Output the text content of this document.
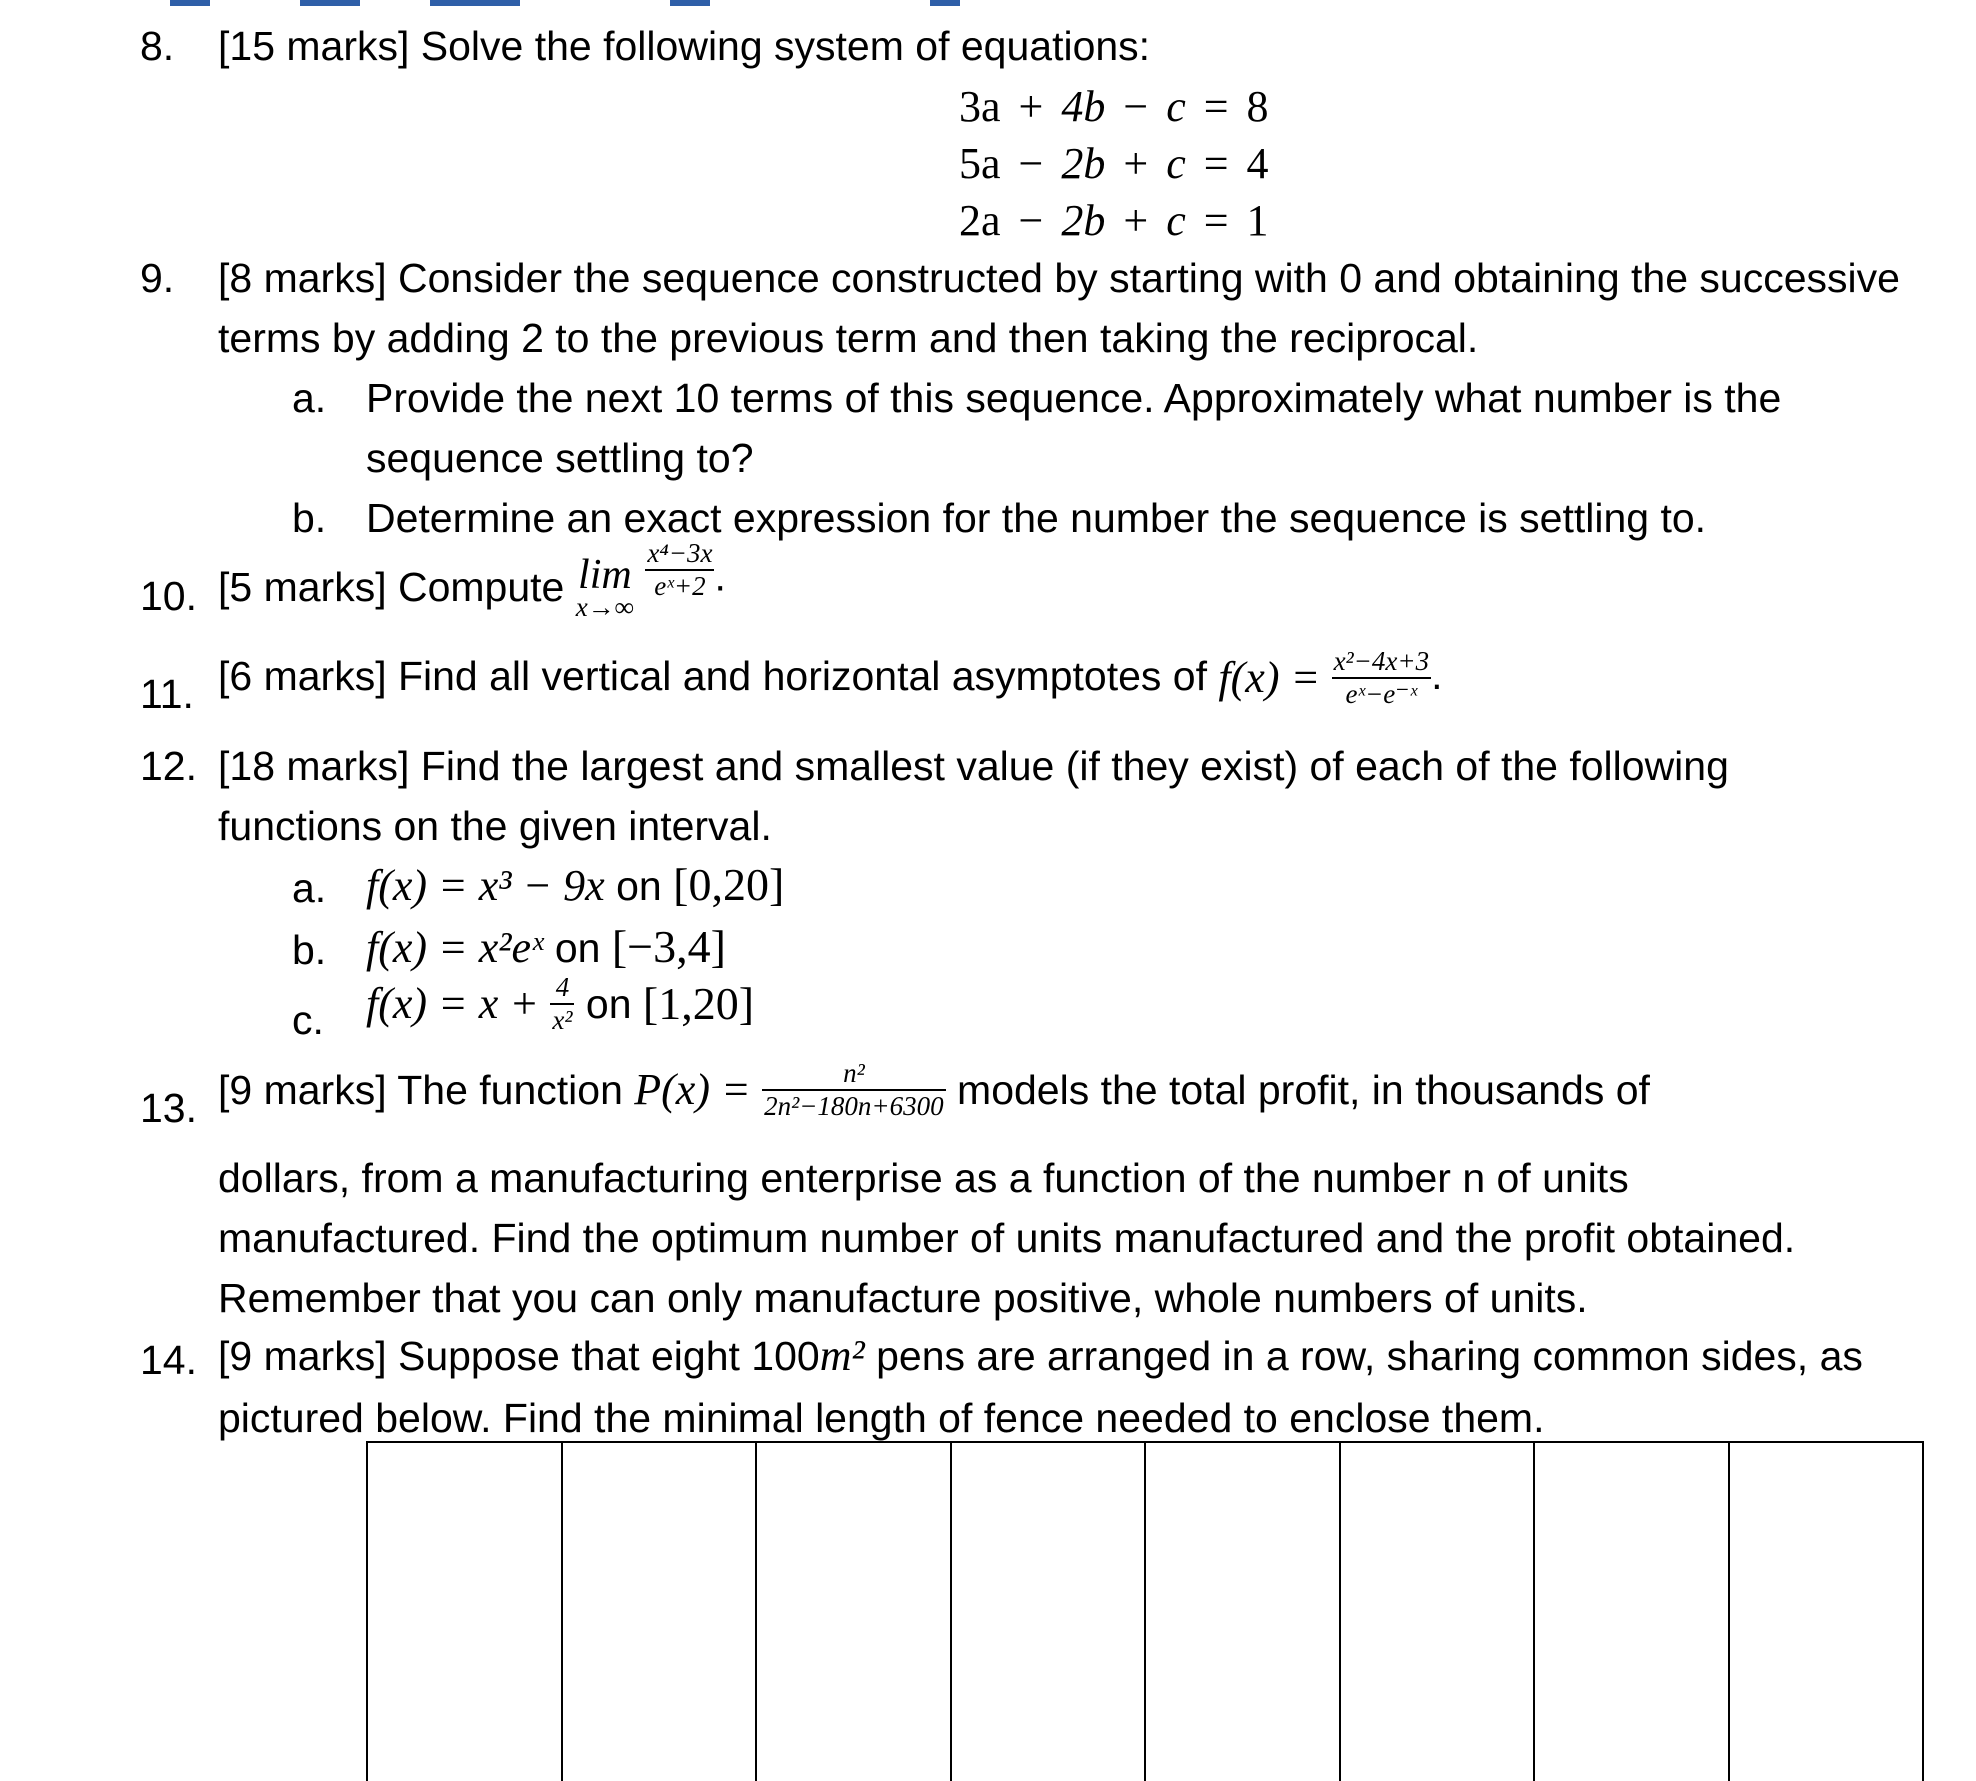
8. [15 marks] Solve the following system of equations:
3a	+	4b	−	c	=	8
5a	−	2b	+	c	=	4
2a	−	2b	+	c	=	1
9. [8 marks] Consider the sequence constructed by starting with 0 and obtaining the successive
terms by adding 2 to the previous term and then taking the reciprocal.
a. Provide the next 10 terms of this sequence. Approximately what number is the
sequence settling to?
b. Determine an exact expression for the number the sequence is settling to.
10. [5 marks] Compute lim
x→∞

$\frac{\text{x⁴−3x}}{\text{eˣ+2}}$ .
11. [6 marks] Find all vertical and horizontal asymptotes of $f(x) = \frac{\text{x²−4x+3}}{\text{eˣ−e⁻ˣ}}$ .
12. [18 marks] Find the largest and smallest value (if they exist) of each of the following
functions on the given interval.
a. f(x) = x³ − 9x on [0,20]
b. f(x) = x²eˣ on [−3,4]
c. $f(x) = x + \frac{4}{\text{x²}}$ on [1,20]
13. [9 marks] The function $P(x) = \frac{\text{n²}}{\text{2n²−180n+6300}}$ models the total profit, in thousands of
dollars, from a manufacturing enterprise as a function of the number n of units
manufactured. Find the optimum number of units manufactured and the profit obtained.
Remember that you can only manufacture positive, whole numbers of units.
14. [9 marks] Suppose that eight 100m² pens are arranged in a row, sharing common sides, as
pictured below. Find the minimal length of fence needed to enclose them.
